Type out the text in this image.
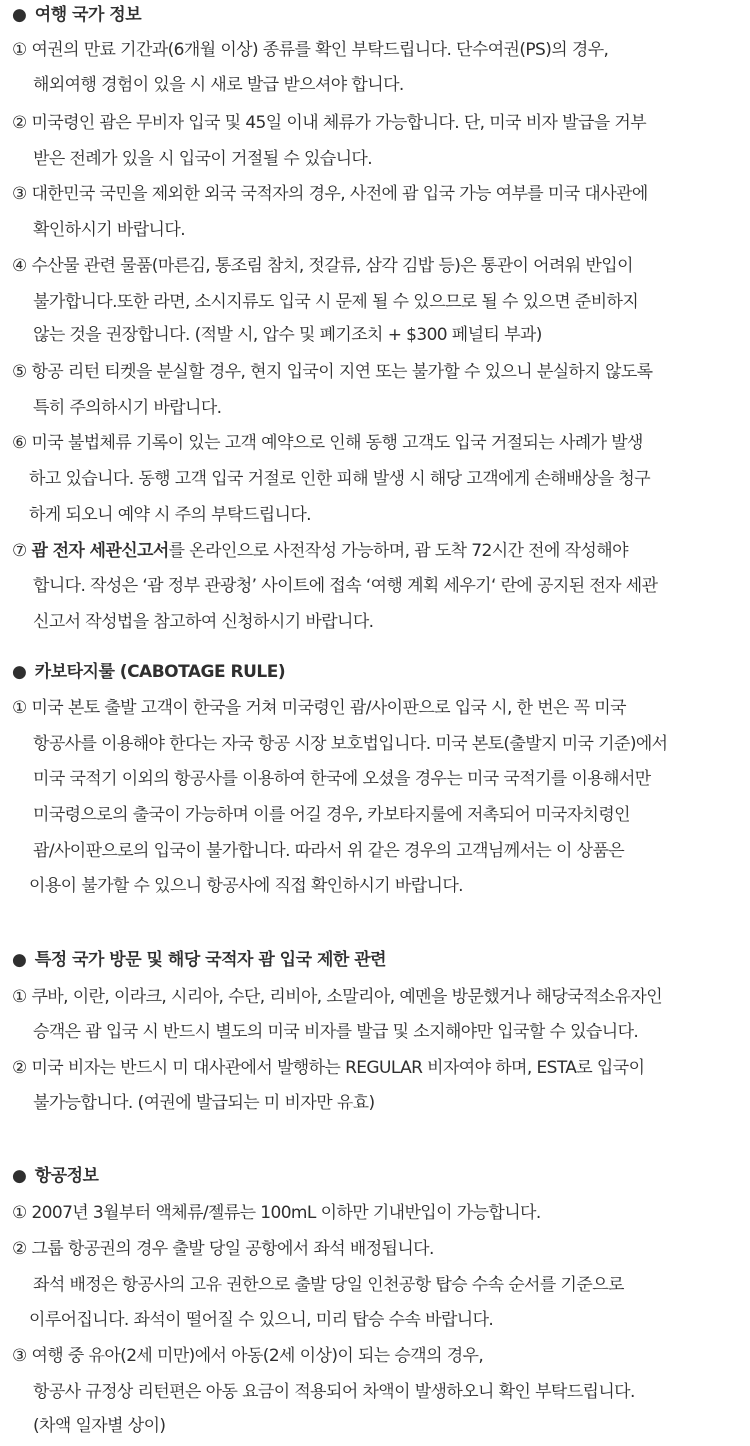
● 여행 국가 정보
① 여권의 만료 기간과(6개월 이상) 종류를 확인 부탁드립니다. 단수여권(PS)의 경우,
해외여행 경험이 있을 시 새로 발급 받으셔야 합니다.
② 미국령인 괌은 무비자 입국 및 45일 이내 체류가 가능합니다. 단, 미국 비자 발급을 거부
받은 전례가 있을 시 입국이 거절될 수 있습니다.
③ 대한민국 국민을 제외한 외국 국적자의 경우, 사전에 괌 입국 가능 여부를 미국 대사관에
확인하시기 바랍니다.
④ 수산물 관련 물품(마른김, 통조림 참치, 젓갈류, 삼각 김밥 등)은 통관이 어려워 반입이
불가합니다.또한 라면, 소시지류도 입국 시 문제 될 수 있으므로 될 수 있으면 준비하지
않는 것을 권장합니다. (적발 시, 압수 및 폐기조치 + $300 페널티 부과)
⑤ 항공 리턴 티켓을 분실할 경우, 현지 입국이 지연 또는 불가할 수 있으니 분실하지 않도록
특히 주의하시기 바랍니다.
⑥ 미국 불법체류 기록이 있는 고객 예약으로 인해 동행 고객도 입국 거절되는 사례가 발생
하고 있습니다. 동행 고객 입국 거절로 인한 피해 발생 시 해당 고객에게 손해배상을 청구
하게 되오니 예약 시 주의 부탁드립니다.
⑦ 괌 전자 세관신고서를 온라인으로 사전작성 가능하며, 괌 도착 72시간 전에 작성해야
합니다. 작성은 ‘괌 정부 관광청’ 사이트에 접속 ‘여행 계획 세우기‘ 란에 공지된 전자 세관
신고서 작성법을 참고하여 신청하시기 바랍니다.
● 카보타지룰 (CABOTAGE RULE)
① 미국 본토 출발 고객이 한국을 거쳐 미국령인 괌/사이판으로 입국 시, 한 번은 꼭 미국
항공사를 이용해야 한다는 자국 항공 시장 보호법입니다. 미국 본토(출발지 미국 기준)에서
미국 국적기 이외의 항공사를 이용하여 한국에 오셨을 경우는 미국 국적기를 이용해서만
미국령으로의 출국이 가능하며 이를 어길 경우, 카보타지룰에 저촉되어 미국자치령인
괌/사이판으로의 입국이 불가합니다. 따라서 위 같은 경우의 고객님께서는 이 상품은
이용이 불가할 수 있으니 항공사에 직접 확인하시기 바랍니다.
● 특정 국가 방문 및 해당 국적자 괌 입국 제한 관련
① 쿠바, 이란, 이라크, 시리아, 수단, 리비아, 소말리아, 예멘을 방문했거나 해당국적소유자인
승객은 괌 입국 시 반드시 별도의 미국 비자를 발급 및 소지해야만 입국할 수 있습니다.
② 미국 비자는 반드시 미 대사관에서 발행하는 REGULAR 비자여야 하며, ESTA로 입국이
불가능합니다. (여권에 발급되는 미 비자만 유효)
● 항공정보
① 2007년 3월부터 액체류/젤류는 100mL 이하만 기내반입이 가능합니다.
② 그룹 항공권의 경우 출발 당일 공항에서 좌석 배정됩니다.
좌석 배정은 항공사의 고유 권한으로 출발 당일 인천공항 탑승 수속 순서를 기준으로
이루어집니다. 좌석이 떨어질 수 있으니, 미리 탑승 수속 바랍니다.
③ 여행 중 유아(2세 미만)에서 아동(2세 이상)이 되는 승객의 경우,
항공사 규정상 리턴편은 아동 요금이 적용되어 차액이 발생하오니 확인 부탁드립니다.
(차액 일자별 상이)
